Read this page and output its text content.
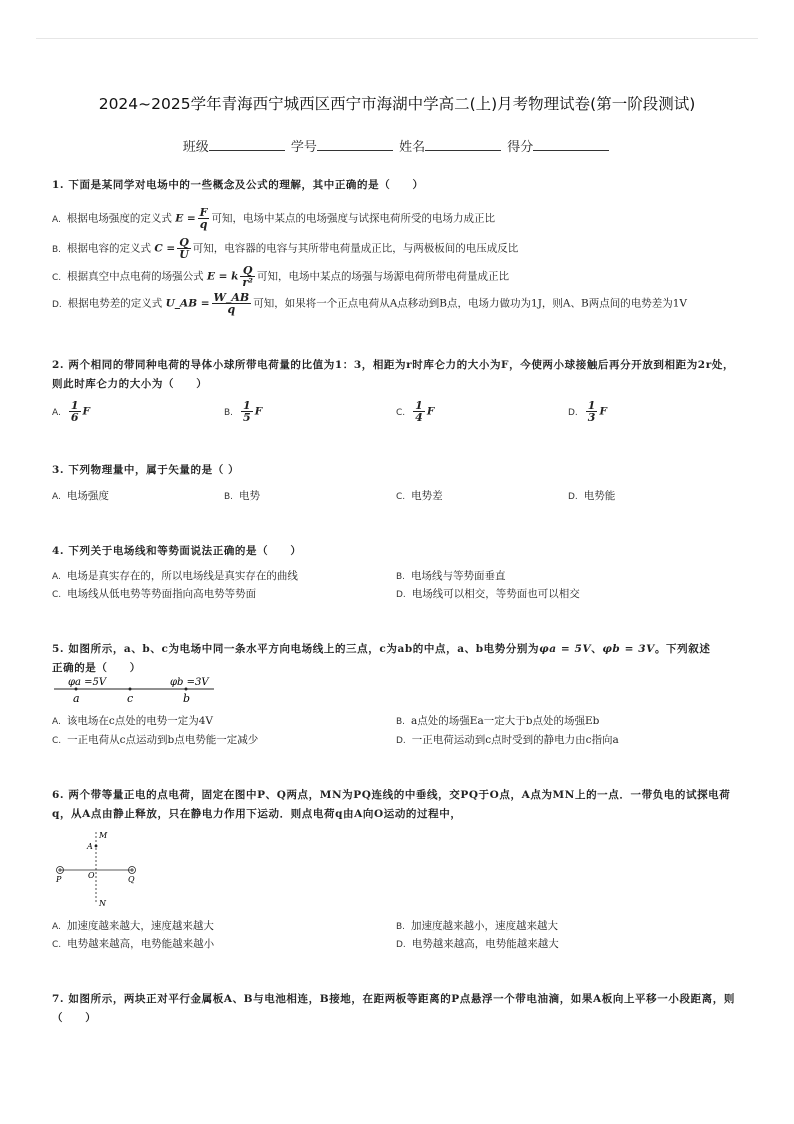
2024~2025学年青海西宁城西区西宁市海湖中学高二(上)月考物理试卷(第一阶段测试)
班级	学号	姓名	得分
1. 下面是某同学对电场中的一些概念及公式的理解，其中正确的是（　　）
A. 根据电场强度的定义式 $E = \frac{F}{q}$ 可知，电场中某点的电场强度与试探电荷所受的电场力成正比
B. 根据电容的定义式 $C = \frac{Q}{U}$ 可知，电容器的电容与其所带电荷量成正比，与两极板间的电压成反比
C. 根据真空中点电荷的场强公式 E = k $\frac{Q}{\text{r²}}$ 可知，电场中某点的场强与场源电荷所带电荷量成正比
D. 根据电势差的定义式 U_AB = $\frac{W\_AB}{q}$ 可知，如果将一个正点电荷从A点移动到B点，电场力做功为1J，则A、B两点间的电势差为1V
2. 两个相同的带同种电荷的导体小球所带电荷量的比值为1：3，相距为r时库仑力的大小为F，今使两小球接触后再分开放到相距为2r处，则此时库仑力的大小为（　　）
A. $\frac{1}{6}$ F	B. $\frac{1}{5}$ F	C. $\frac{1}{4}$ F	D. $\frac{1}{3}$ F
3. 下列物理量中，属于矢量的是（ ）
A. 电场强度	B. 电势	C. 电势差	D. 电势能
4. 下列关于电场线和等势面说法正确的是（　　）
A. 电场是真实存在的，所以电场线是真实存在的曲线	B. 电场线与等势面垂直
C. 电场线从低电势等势面指向高电势等势面	D. 电场线可以相交，等势面也可以相交
5. 如图所示，a、b、c为电场中同一条水平方向电场线上的三点，c为ab的中点，a、b电势分别为φa = 5V、φb = 3V。下列叙述
正确的是（　　）
φa =5V	φb =3V
a	c	b
A. 该电场在c点处的电势一定为4V	B. a点处的场强Ea一定大于b点处的场强Eb
C. 一正电荷从c点运动到b点电势能一定减少	D. 一正电荷运动到c点时受到的静电力由c指向a
6. 两个带等量正电的点电荷，固定在图中P、Q两点，MN为PQ连线的中垂线，交PQ于O点，A点为MN上的一点．一带负电的试探电荷q，从A点由静止释放，只在静电力作用下运动．则点电荷q由A向O运动的过程中，
M
A
P	O	Q
N
A. 加速度越来越大，速度越来越大	B. 加速度越来越小，速度越来越大
C. 电势越来越高，电势能越来越小	D. 电势越来越高，电势能越来越大
7. 如图所示，两块正对平行金属板A、B与电池相连，B接地，在距两板等距离的P点悬浮一个带电油滴，如果A板向上平移一小段距离，则（　　）
